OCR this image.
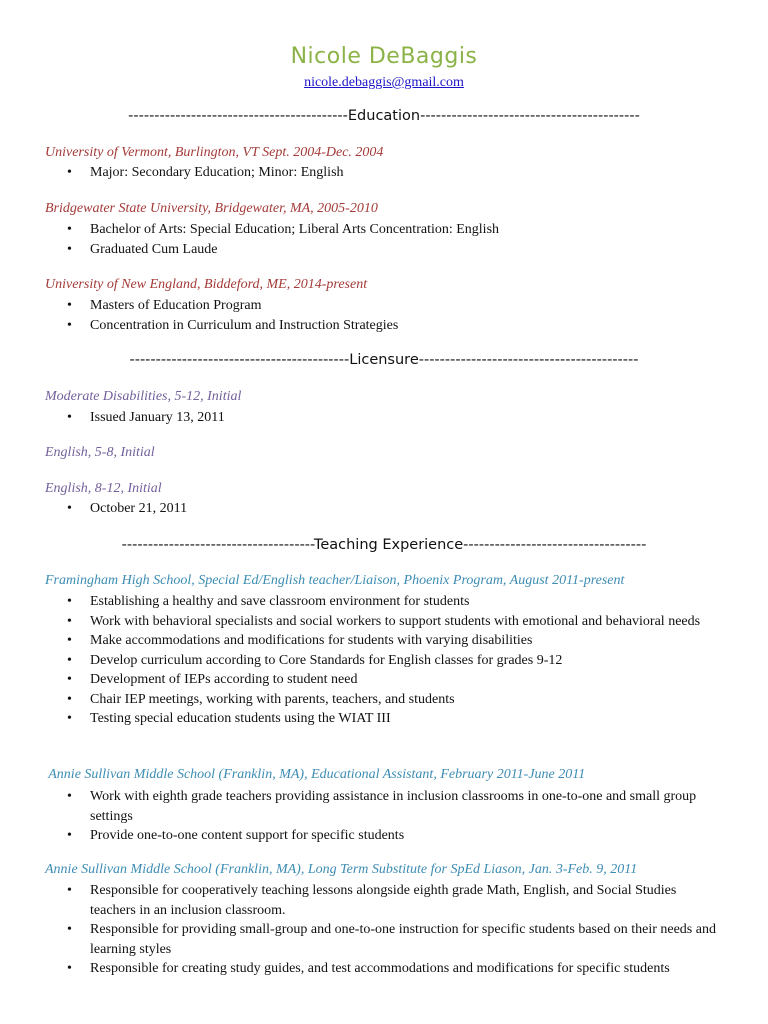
Nicole DeBaggis
nicole.debaggis@gmail.com
------------------------------------------Education------------------------------------------
University of Vermont, Burlington, VT Sept. 2004-Dec. 2004
• Major: Secondary Education; Minor: English
Bridgewater State University, Bridgewater, MA, 2005-2010
• Bachelor of Arts: Special Education; Liberal Arts Concentration: English
• Graduated Cum Laude
University of New England, Biddeford, ME, 2014-present
• Masters of Education Program
• Concentration in Curriculum and Instruction Strategies
------------------------------------------Licensure------------------------------------------
Moderate Disabilities, 5-12, Initial
• Issued January 13, 2011
English, 5-8, Initial
English, 8-12, Initial
• October 21, 2011
-------------------------------------Teaching Experience-----------------------------------
Framingham High School, Special Ed/English teacher/Liaison, Phoenix Program, August 2011-present
• Establishing a healthy and save classroom environment for students
• Work with behavioral specialists and social workers to support students with emotional and behavioral needs
• Make accommodations and modifications for students with varying disabilities
• Develop curriculum according to Core Standards for English classes for grades 9-12
• Development of IEPs according to student need
• Chair IEP meetings, working with parents, teachers, and students
• Testing special education students using the WIAT III
Annie Sullivan Middle School (Franklin, MA), Educational Assistant, February 2011-June 2011
• Work with eighth grade teachers providing assistance in inclusion classrooms in one-to-one and small group settings
• Provide one-to-one content support for specific students
Annie Sullivan Middle School (Franklin, MA), Long Term Substitute for SpEd Liason, Jan. 3-Feb. 9, 2011
• Responsible for cooperatively teaching lessons alongside eighth grade Math, English, and Social Studies teachers in an inclusion classroom.
• Responsible for providing small-group and one-to-one instruction for specific students based on their needs and learning styles
• Responsible for creating study guides, and test accommodations and modifications for specific students
